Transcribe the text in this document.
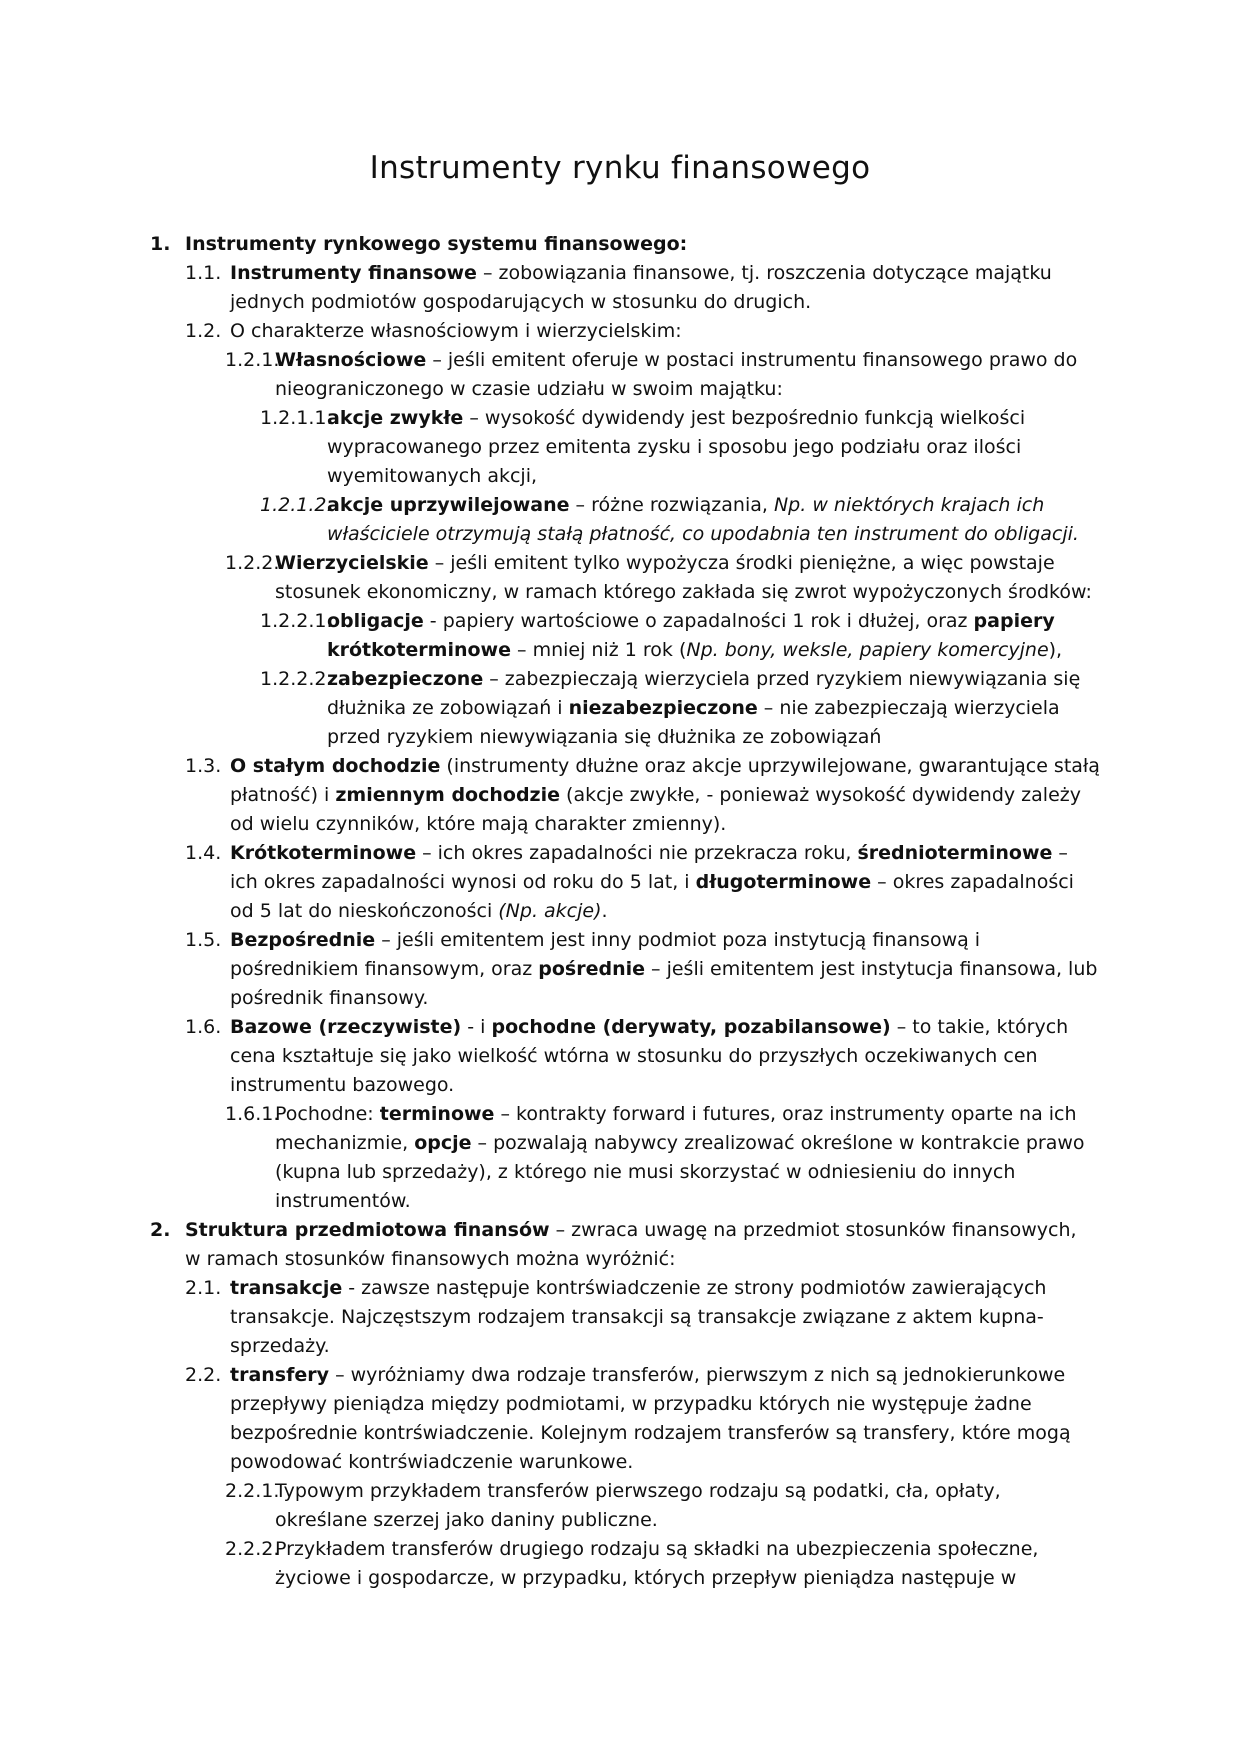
Instrumenty rynku finansowego
1. Instrumenty rynkowego systemu finansowego:
1.1. Instrumenty finansowe – zobowiązania finansowe, tj. roszczenia dotyczące majątku jednych podmiotów gospodarujących w stosunku do drugich.
1.2. O charakterze własnościowym i wierzycielskim:
1.2.1.
Własnościowe – jeśli emitent oferuje w postaci instrumentu finansowego prawo do nieograniczonego w czasie udziału w swoim majątku:
1.2.1.1.
akcje zwykłe – wysokość dywidendy jest bezpośrednio funkcją wielkości wypracowanego przez emitenta zysku i sposobu jego podziału oraz ilości wyemitowanych akcji,
1.2.1.2.
akcje uprzywilejowane – różne rozwiązania, Np. w niektórych krajach ich właściciele otrzymują stałą płatność, co upodabnia ten instrument do obligacji.
1.2.2.
Wierzycielskie – jeśli emitent tylko wypożycza środki pieniężne, a więc powstaje stosunek ekonomiczny, w ramach którego zakłada się zwrot wypożyczonych środków:
1.2.2.1.
obligacje - papiery wartościowe o zapadalności 1 rok i dłużej, oraz papiery krótkoterminowe – mniej niż 1 rok (Np. bony, weksle, papiery komercyjne),
1.2.2.2.
zabezpieczone – zabezpieczają wierzyciela przed ryzykiem niewywiązania się dłużnika ze zobowiązań i niezabezpieczone – nie zabezpieczają wierzyciela przed ryzykiem niewywiązania się dłużnika ze zobowiązań
1.3. O stałym dochodzie (instrumenty dłużne oraz akcje uprzywilejowane, gwarantujące stałą płatność) i zmiennym dochodzie (akcje zwykłe, - ponieważ wysokość dywidendy zależy od wielu czynników, które mają charakter zmienny).
1.4. Krótkoterminowe – ich okres zapadalności nie przekracza roku, średnioterminowe – ich okres zapadalności wynosi od roku do 5 lat, i długoterminowe – okres zapadalności od 5 lat do nieskończoności (Np. akcje).
1.5. Bezpośrednie – jeśli emitentem jest inny podmiot poza instytucją finansową i pośrednikiem finansowym, oraz pośrednie – jeśli emitentem jest instytucja finansowa, lub pośrednik finansowy.
1.6. Bazowe (rzeczywiste) - i pochodne (derywaty, pozabilansowe) – to takie, których cena kształtuje się jako wielkość wtórna w stosunku do przyszłych oczekiwanych cen instrumentu bazowego.
1.6.1.
Pochodne: terminowe – kontrakty forward i futures, oraz instrumenty oparte na ich mechanizmie, opcje – pozwalają nabywcy zrealizować określone w kontrakcie prawo (kupna lub sprzedaży), z którego nie musi skorzystać w odniesieniu do innych instrumentów.
2. Struktura przedmiotowa finansów – zwraca uwagę na przedmiot stosunków finansowych, w ramach stosunków finansowych można wyróżnić:
2.1. transakcje - zawsze następuje kontrświadczenie ze strony podmiotów zawierających transakcje. Najczęstszym rodzajem transakcji są transakcje związane z aktem kupna-sprzedaży.
2.2. transfery – wyróżniamy dwa rodzaje transferów, pierwszym z nich są jednokierunkowe przepływy pieniądza między podmiotami, w przypadku których nie występuje żadne bezpośrednie kontrświadczenie. Kolejnym rodzajem transferów są transfery, które mogą powodować kontrświadczenie warunkowe.
2.2.1.
Typowym przykładem transferów pierwszego rodzaju są podatki, cła, opłaty, określane szerzej jako daniny publiczne.
2.2.2.
Przykładem transferów drugiego rodzaju są składki na ubezpieczenia społeczne, życiowe i gospodarcze, w przypadku, których przepływ pieniądza następuje w
